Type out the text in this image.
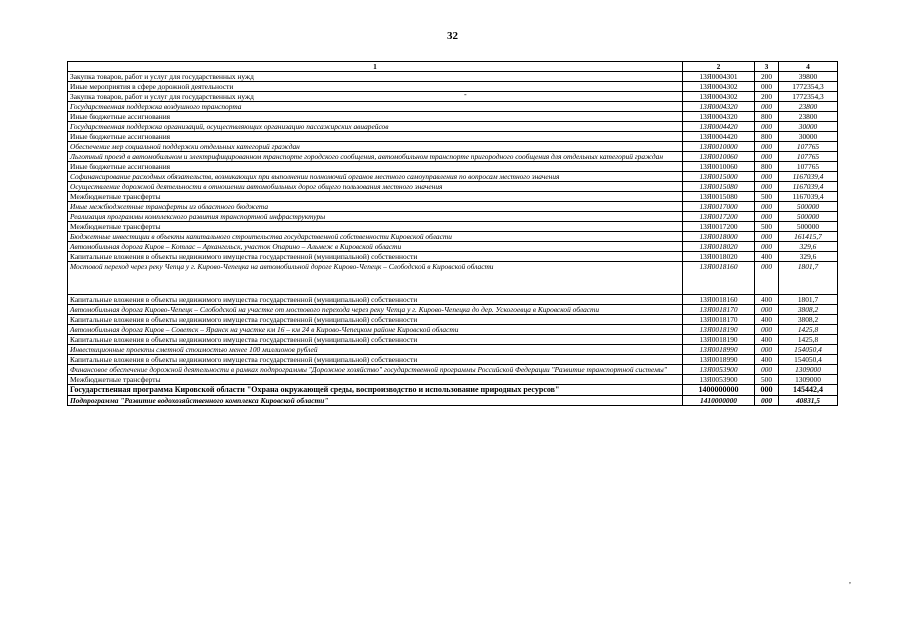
32
1	2	3	4
Закупка товаров, работ и услуг для государственных нужд	13Я0004301	200	39800
Иные мероприятия в сфере дорожной деятельности	13Я0004302	000	1772354,3
Закупка товаров, работ и услуг для государственных нужд	13Я0004302	200	1772354,3
Государственная поддержка воздушного транспорта	13Я0004320	000	23800
Иные бюджетные ассигнования	13Я0004320	800	23800
Государственная поддержка организаций, осуществляющих организацию пассажирских авиарейсов	13Я0004420	000	30000
Иные бюджетные ассигнования	13Я0004420	800	30000
Обеспечение мер социальной поддержки отдельных категорий граждан	13Я0010000	000	107765
Льготный проезд в автомобильном и электрифицированном транспорте городского сообщения, автомобильном транспорте пригородного сообщения для отдельных категорий граждан	13Я0010060	000	107765
Иные бюджетные ассигнования	13Я0010060	800	107765
Софинансирование расходных обязательств, возникающих при выполнении полномочий органов местного самоуправления по вопросам местного значения	13Я0015000	000	1167039,4
Осуществление дорожной деятельности в отношении автомобильных дорог общего пользования местного значения	13Я0015080	000	1167039,4
Межбюджетные трансферты	13Я0015080	500	1167039,4
Иные межбюджетные трансферты из областного бюджета	13Я0017000	000	500000
Реализация программы комплексного развития транспортной инфраструктуры	13Я0017200	000	500000
Межбюджетные трансферты	13Я0017200	500	500000
Бюджетные инвестиции в объекты капитального строительства государственной собственности Кировской области	13Я0018000	000	161415,7
Автомобильная дорога Киров – Котлас – Архангельск, участок Опарино – Альмеж в Кировской области	13Я0018020	000	329,6
Капитальные вложения в объекты недвижимого имущества государственной (муниципальной) собственности	13Я0018020	400	329,6
Мостовой переход через реку Чепца у г. Кирово-Чепецка на автомобильной дороге Кирово-Чепецк – Слободской в Кировской области	13Я0018160	000	1801,7
Капитальные вложения в объекты недвижимого имущества государственной (муниципальной) собственности	13Я0018160	400	1801,7
Автомобильная дорога Кирово-Чепецк – Слободской на участке от мостового перехода через реку Чепца у г. Кирово-Чепецка до дер. Ускогоевца в Кировской области	13Я0018170	000	3808,2
Капитальные вложения в объекты недвижимого имущества государственной (муниципальной) собственности	13Я0018170	400	3808,2
Автомобильная дорога Киров – Советск – Яранск на участке км 16 – км 24 в Кирово-Чепецком районе Кировской области	13Я0018190	000	1425,8
Капитальные вложения в объекты недвижимого имущества государственной (муниципальной) собственности	13Я0018190	400	1425,8
Инвестиционные проекты сметной стоимостью менее 100 миллионов рублей	13Я0018990	000	154050,4
Капитальные вложения в объекты недвижимого имущества государственной (муниципальной) собственности	13Я0018990	400	154050,4
Финансовое обеспечение дорожной деятельности в рамках подпрограммы "Дорожное хозяйство" государственной программы Российской Федерации "Развитие транспортной системы"	13Я0053900	000	1309000
Межбюджетные трансферты	13Я0053900	500	1309000
Государственная программа Кировской области "Охрана окружающей среды, воспроизводство и использование природных ресурсов"	1400000000	000	145442,4
Подпрограмма "Развитие водохозяйственного комплекса Кировской области"	1410000000	000	40831,5
-
,
